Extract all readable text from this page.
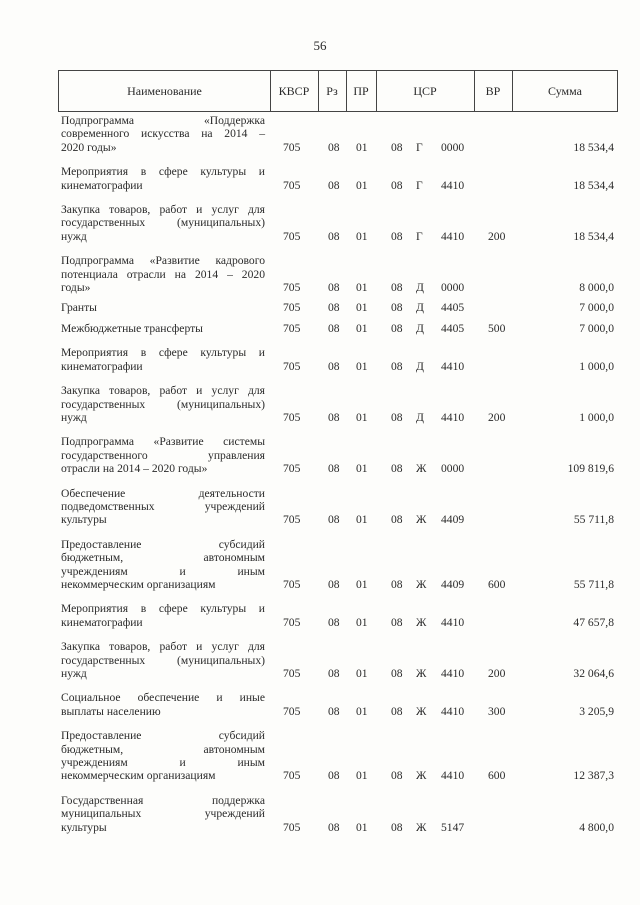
56
Наименование	КВСР	Рз	ПР	ЦСР	ВР	Сумма
Подпрограмма «Поддержка
современного искусства на 2014 –
2020 годы»	705 08 01 08 Г 0000	18 534,4
Мероприятия в сфере культуры и
кинематографии	705 08 01 08 Г 4410	18 534,4
Закупка товаров, работ и услуг для
государственных (муниципальных)
нужд	705 08 01 08 Г 4410 200	18 534,4
Подпрограмма «Развитие кадрового
потенциала отрасли на 2014 – 2020
годы»	705 08 01 08 Д 0000	8 000,0
Гранты	705 08 01 08 Д 4405	7 000,0
Межбюджетные трансферты	705 08 01 08 Д 4405 500	7 000,0
Мероприятия в сфере культуры и
кинематографии	705 08 01 08 Д 4410	1 000,0
Закупка товаров, работ и услуг для
государственных (муниципальных)
нужд	705 08 01 08 Д 4410 200	1 000,0
Подпрограмма «Развитие системы
государственного управления
отрасли на 2014 – 2020 годы»	705 08 01 08 Ж 0000	109 819,6
Обеспечение деятельности
подведомственных учреждений
культуры	705 08 01 08 Ж 4409	55 711,8
Предоставление субсидий
бюджетным, автономным
учреждениям и иным
некоммерческим организациям	705 08 01 08 Ж 4409 600	55 711,8
Мероприятия в сфере культуры и
кинематографии	705 08 01 08 Ж 4410	47 657,8
Закупка товаров, работ и услуг для
государственных (муниципальных)
нужд	705 08 01 08 Ж 4410 200	32 064,6
Социальное обеспечение и иные
выплаты населению	705 08 01 08 Ж 4410 300	3 205,9
Предоставление субсидий
бюджетным, автономным
учреждениям и иным
некоммерческим организациям	705 08 01 08 Ж 4410 600	12 387,3
Государственная поддержка
муниципальных учреждений
культуры	705 08 01 08 Ж 5147	4 800,0
